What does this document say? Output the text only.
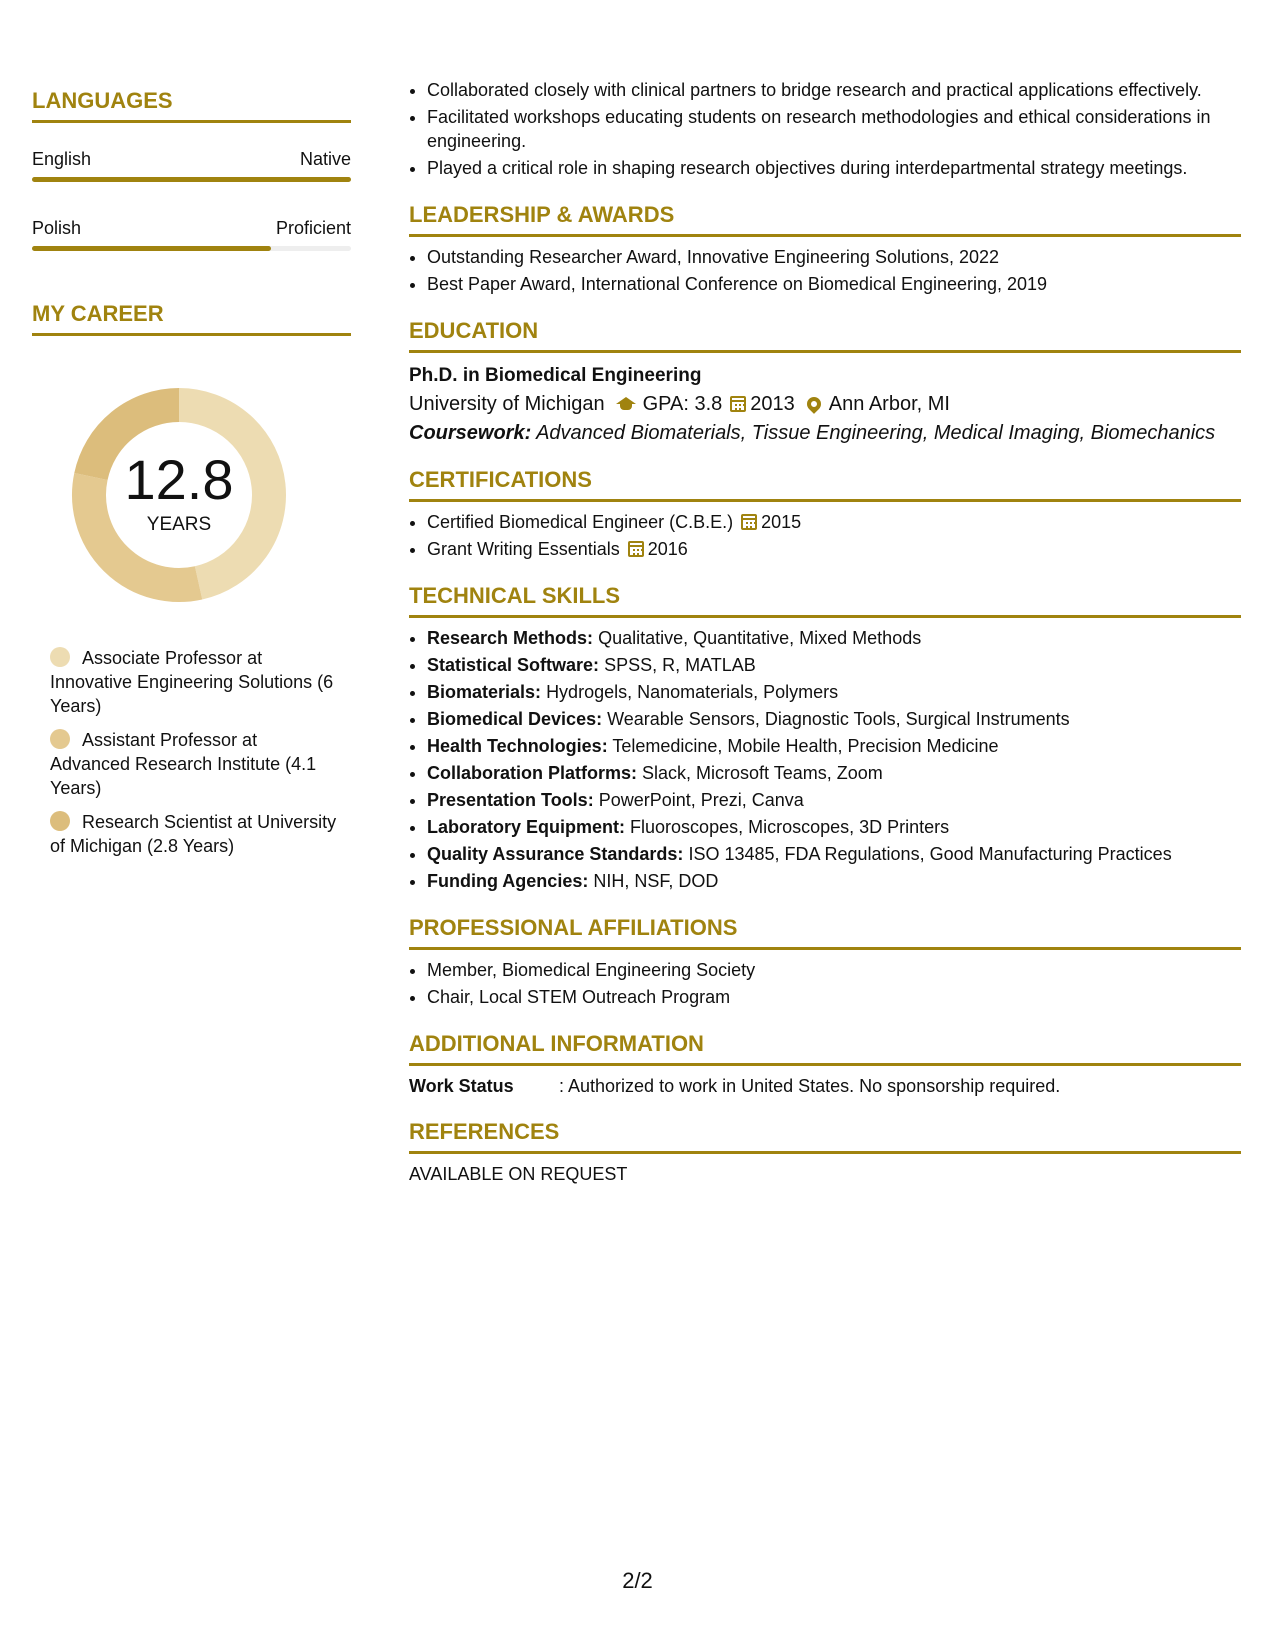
LANGUAGES
English	Native
Polish	Proficient
MY CAREER
12.8
YEARS
Associate Professor at Innovative Engineering Solutions (6 Years)
Assistant Professor at Advanced Research Institute (4.1 Years)
Research Scientist at University of Michigan (2.8 Years)
• Collaborated closely with clinical partners to bridge research and practical applications effectively.
• Facilitated workshops educating students on research methodologies and ethical considerations in engineering.
• Played a critical role in shaping research objectives during interdepartmental strategy meetings.
LEADERSHIP & AWARDS
• Outstanding Researcher Award, Innovative Engineering Solutions, 2022
• Best Paper Award, International Conference on Biomedical Engineering, 2019
EDUCATION
Ph.D. in Biomedical Engineering
University of Michigan GPA: 3.8 2013 Ann Arbor, MI
Coursework: Advanced Biomaterials, Tissue Engineering, Medical Imaging, Biomechanics
CERTIFICATIONS
• Certified Biomedical Engineer (C.B.E.) 2015
• Grant Writing Essentials 2016
TECHNICAL SKILLS
• Research Methods: Qualitative, Quantitative, Mixed Methods
• Statistical Software: SPSS, R, MATLAB
• Biomaterials: Hydrogels, Nanomaterials, Polymers
• Biomedical Devices: Wearable Sensors, Diagnostic Tools, Surgical Instruments
• Health Technologies: Telemedicine, Mobile Health, Precision Medicine
• Collaboration Platforms: Slack, Microsoft Teams, Zoom
• Presentation Tools: PowerPoint, Prezi, Canva
• Laboratory Equipment: Fluoroscopes, Microscopes, 3D Printers
• Quality Assurance Standards: ISO 13485, FDA Regulations, Good Manufacturing Practices
• Funding Agencies: NIH, NSF, DOD
PROFESSIONAL AFFILIATIONS
• Member, Biomedical Engineering Society
• Chair, Local STEM Outreach Program
ADDITIONAL INFORMATION
Work Status	: Authorized to work in United States. No sponsorship required.
REFERENCES
AVAILABLE ON REQUEST
2/2
